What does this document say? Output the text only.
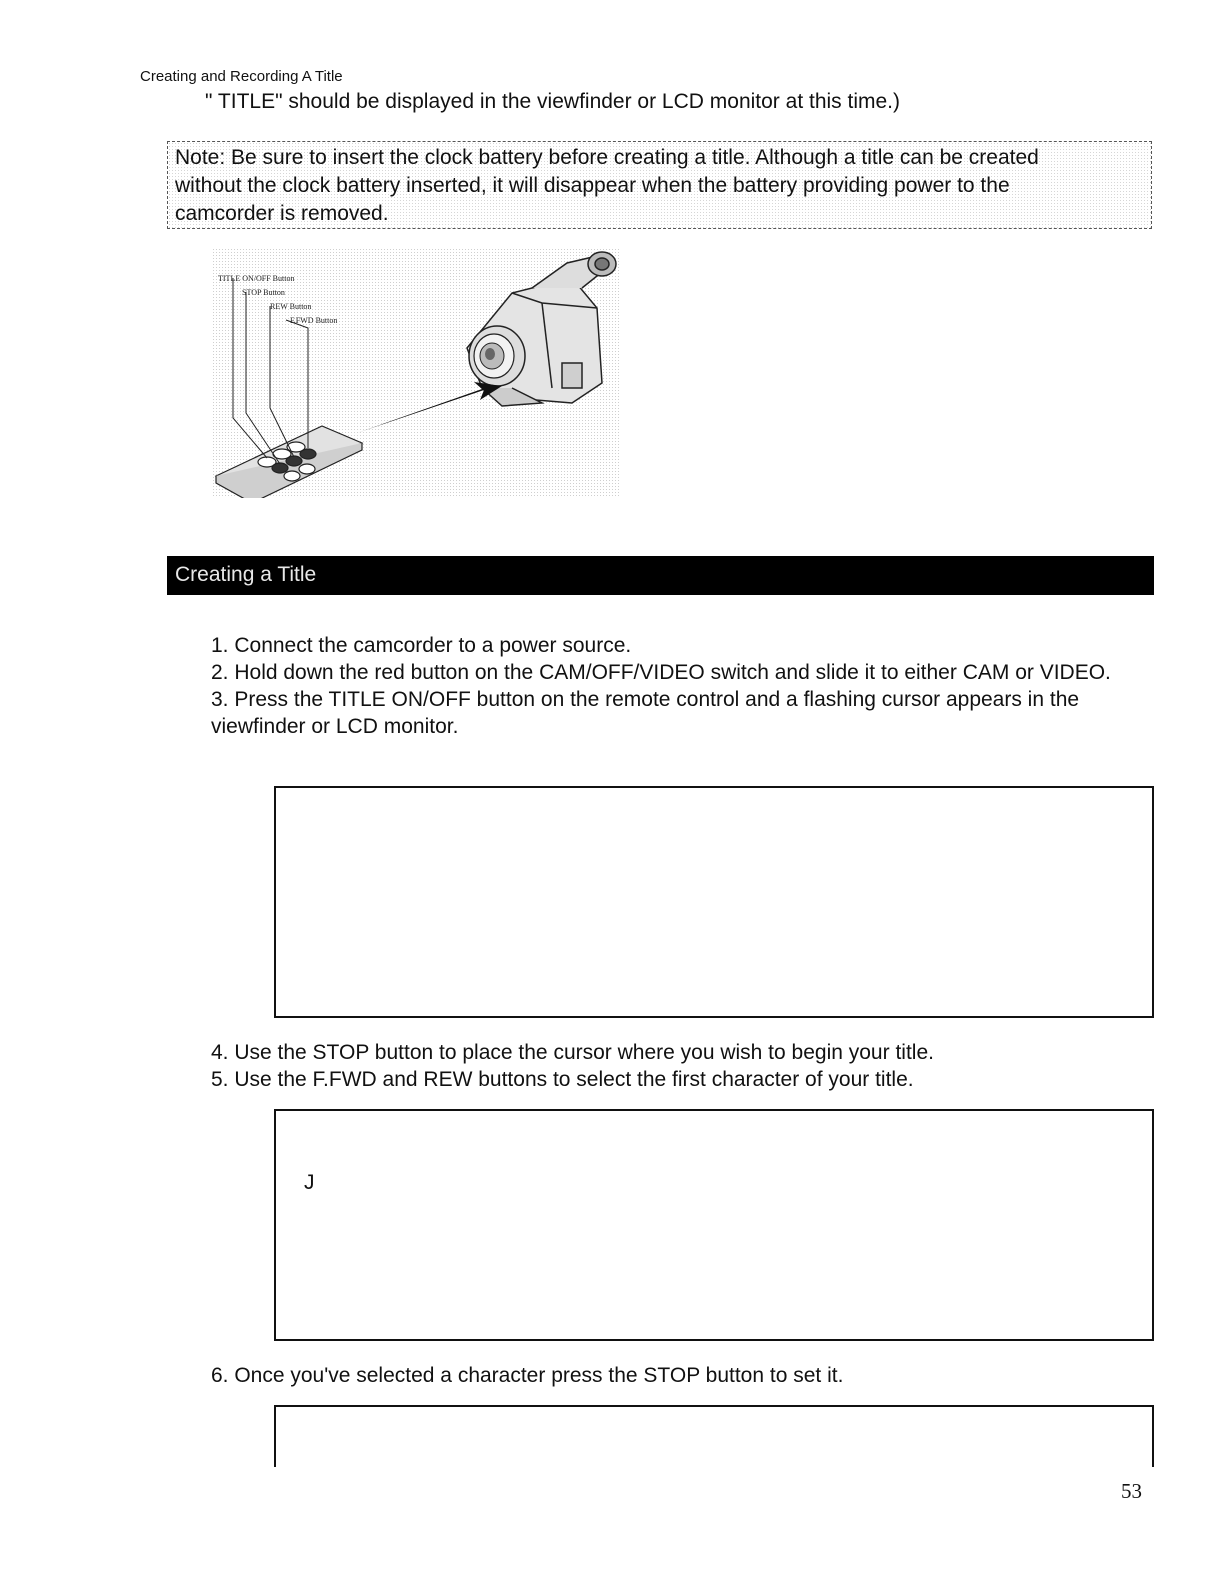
Creating and Recording A Title
" TITLE" should be displayed in the viewfinder or LCD monitor at this time.)

Note: Be sure to insert the clock battery before creating a title. Although a title can be created without the clock battery inserted, it will disappear when the battery providing power to the camcorder is removed.

TITLE ON/OFF Button
STOP Button
REW Button
F.FWD Button
Creating a Title

1. Connect the camcorder to a power source.

2. Hold down the red button on the CAM/OFF/VIDEO switch and slide it to either CAM or VIDEO.

3. Press the TITLE ON/OFF button on the remote control and a flashing cursor appears in the viewfinder or LCD monitor.

4. Use the STOP button to place the cursor where you wish to begin your title.

5. Use the F.FWD and REW buttons to select the first character of your title.

J

6. Once you've selected a character press the STOP button to set it.

53
